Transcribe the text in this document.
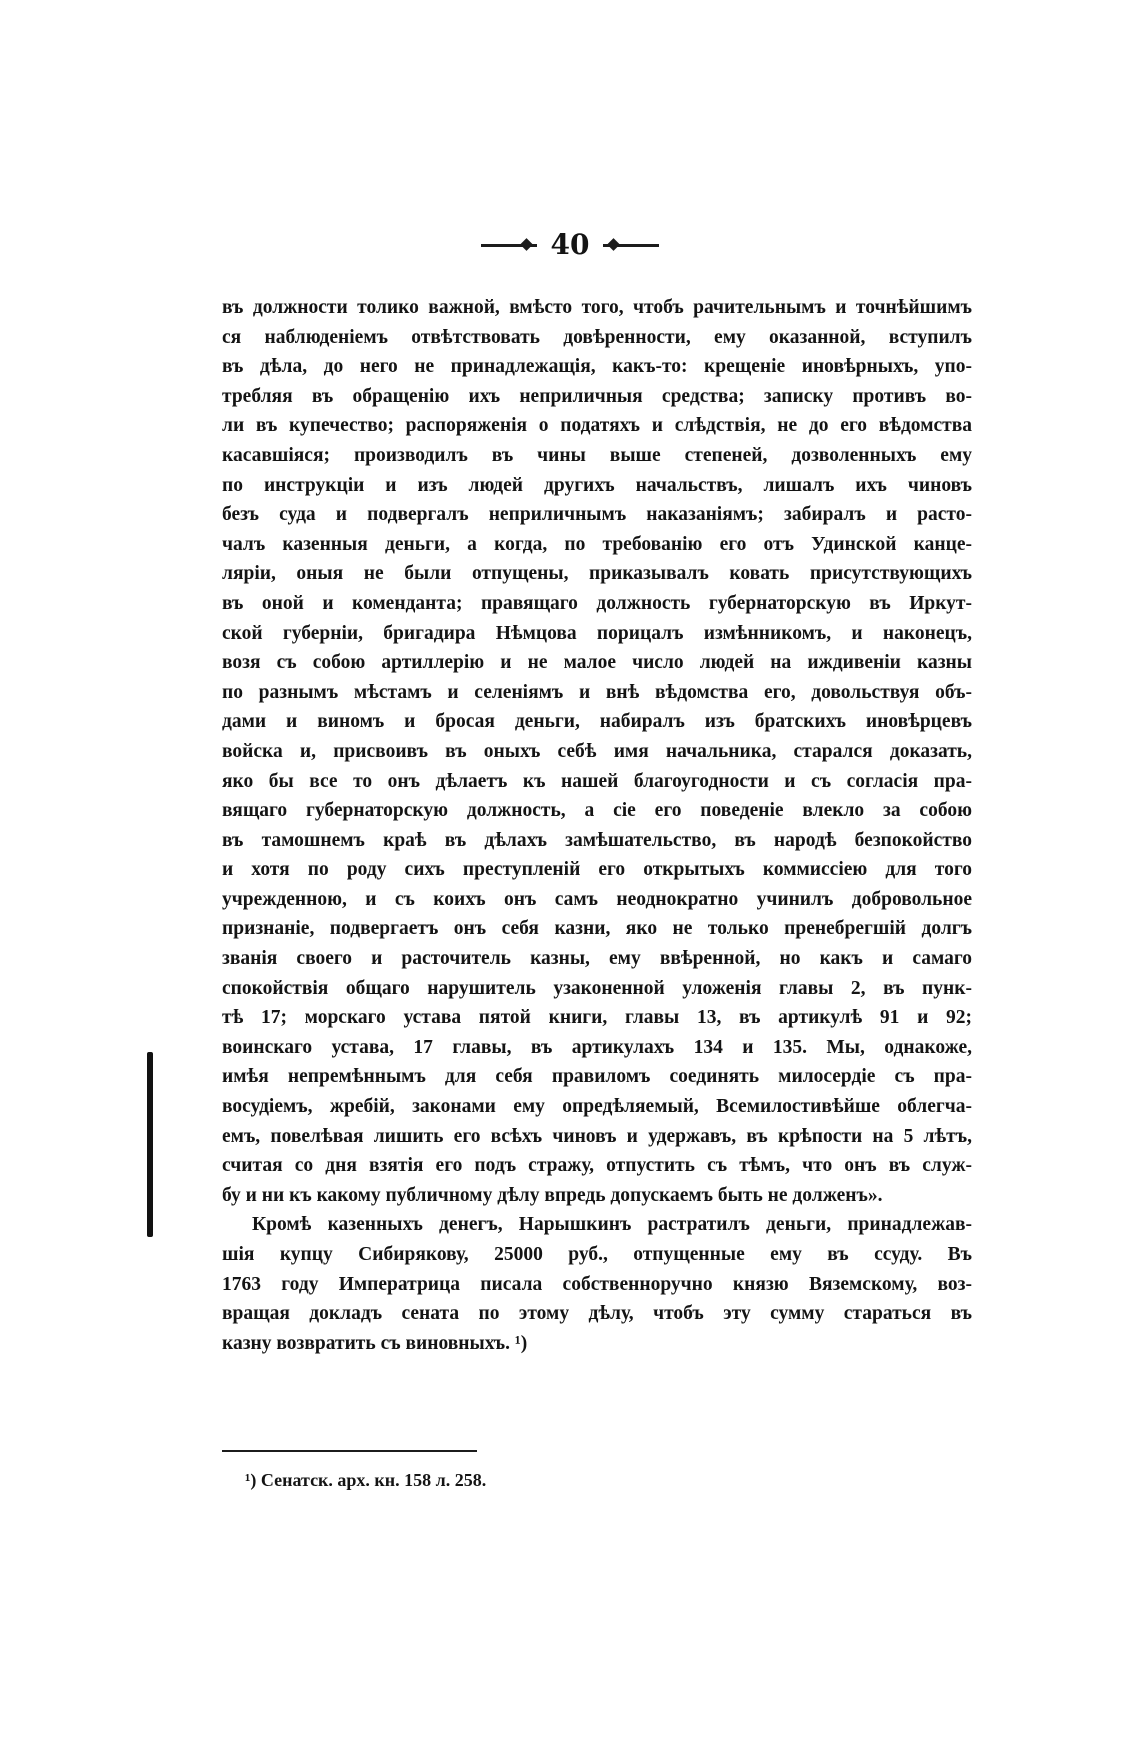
40

въ должности толико важной, вмѣсто того, чтобъ рачительнымъ и точнѣйшимъ
ся наблюденіемъ отвѣтствовать довѣренности, ему оказанной, вступилъ
въ дѣла, до него не принадлежащія, какъ-то: крещеніе иновѣрныхъ, упо-
требляя въ обращенію ихъ неприличныя средства; записку противъ во-
ли въ купечество; распоряженія о податяхъ и слѣдствія, не до его вѣдомства
касавшіяся; производилъ въ чины выше степеней, дозволенныхъ ему
по инструкціи и изъ людей другихъ начальствъ, лишалъ ихъ чиновъ
безъ суда и подвергалъ неприличнымъ наказаніямъ; забиралъ и расто-
чалъ казенныя деньги, а когда, по требованію его отъ Удинской канце-
ляріи, оныя не были отпущены, приказывалъ ковать присутствующихъ
въ оной и коменданта; правящаго должность губернаторскую въ Иркут-
ской губерніи, бригадира Нѣмцова порицалъ измѣнникомъ, и наконецъ,
возя съ собою артиллерію и не малое число людей на иждивеніи казны
по разнымъ мѣстамъ и селеніямъ и внѣ вѣдомства его, довольствуя объ-
дами и виномъ и бросая деньги, набиралъ изъ братскихъ иновѣрцевъ
войска и, присвоивъ въ оныхъ себѣ имя начальника, старался доказать,
яко бы все то онъ дѣлаетъ къ нашей благоугодности и съ согласія пра-
вящаго губернаторскую должность, а сіе его поведеніе влекло за собою
въ тамошнемъ краѣ въ дѣлахъ замѣшательство, въ народѣ безпокойство
и хотя по роду сихъ преступленій его открытыхъ коммиссіею для того
учрежденною, и съ коихъ онъ самъ неоднократно учинилъ добровольное
признаніе, подвергаетъ онъ себя казни, яко не только пренебрегшій долгъ
званія своего и расточитель казны, ему ввѣренной, но какъ и самаго
спокойствія общаго нарушитель узаконенной уложенія главы 2, въ пунк-
тѣ 17; морскаго устава пятой книги, главы 13, въ артикулѣ 91 и 92;
воинскаго устава, 17 главы, въ артикулахъ 134 и 135. Мы, однакоже,
имѣя непремѣннымъ для себя правиломъ соединять милосердіе съ пра-
восудіемъ, жребій, законами ему опредѣляемый, Всемилостивѣйше облегча-
емъ, повелѣвая лишить его всѣхъ чиновъ и удержавъ, въ крѣпости на 5 лѣтъ,
считая со дня взятія его подъ стражу, отпустить съ тѣмъ, что онъ въ служ-
бу и ни къ какому публичному дѣлу впредь допускаемъ быть не долженъ».

Кромѣ казенныхъ денегъ, Нарышкинъ растратилъ деньги, принадлежав-
шія купцу Сибирякову, 25000 руб., отпущенные ему въ ссуду. Въ
1763 году Императрица писала собственноручно князю Вяземскому, воз-
вращая докладъ сената по этому дѣлу, чтобъ эту сумму стараться въ
казну возвратить съ виновныхъ. ¹)

¹) Сенатск. арх. кн. 158 л. 258.
